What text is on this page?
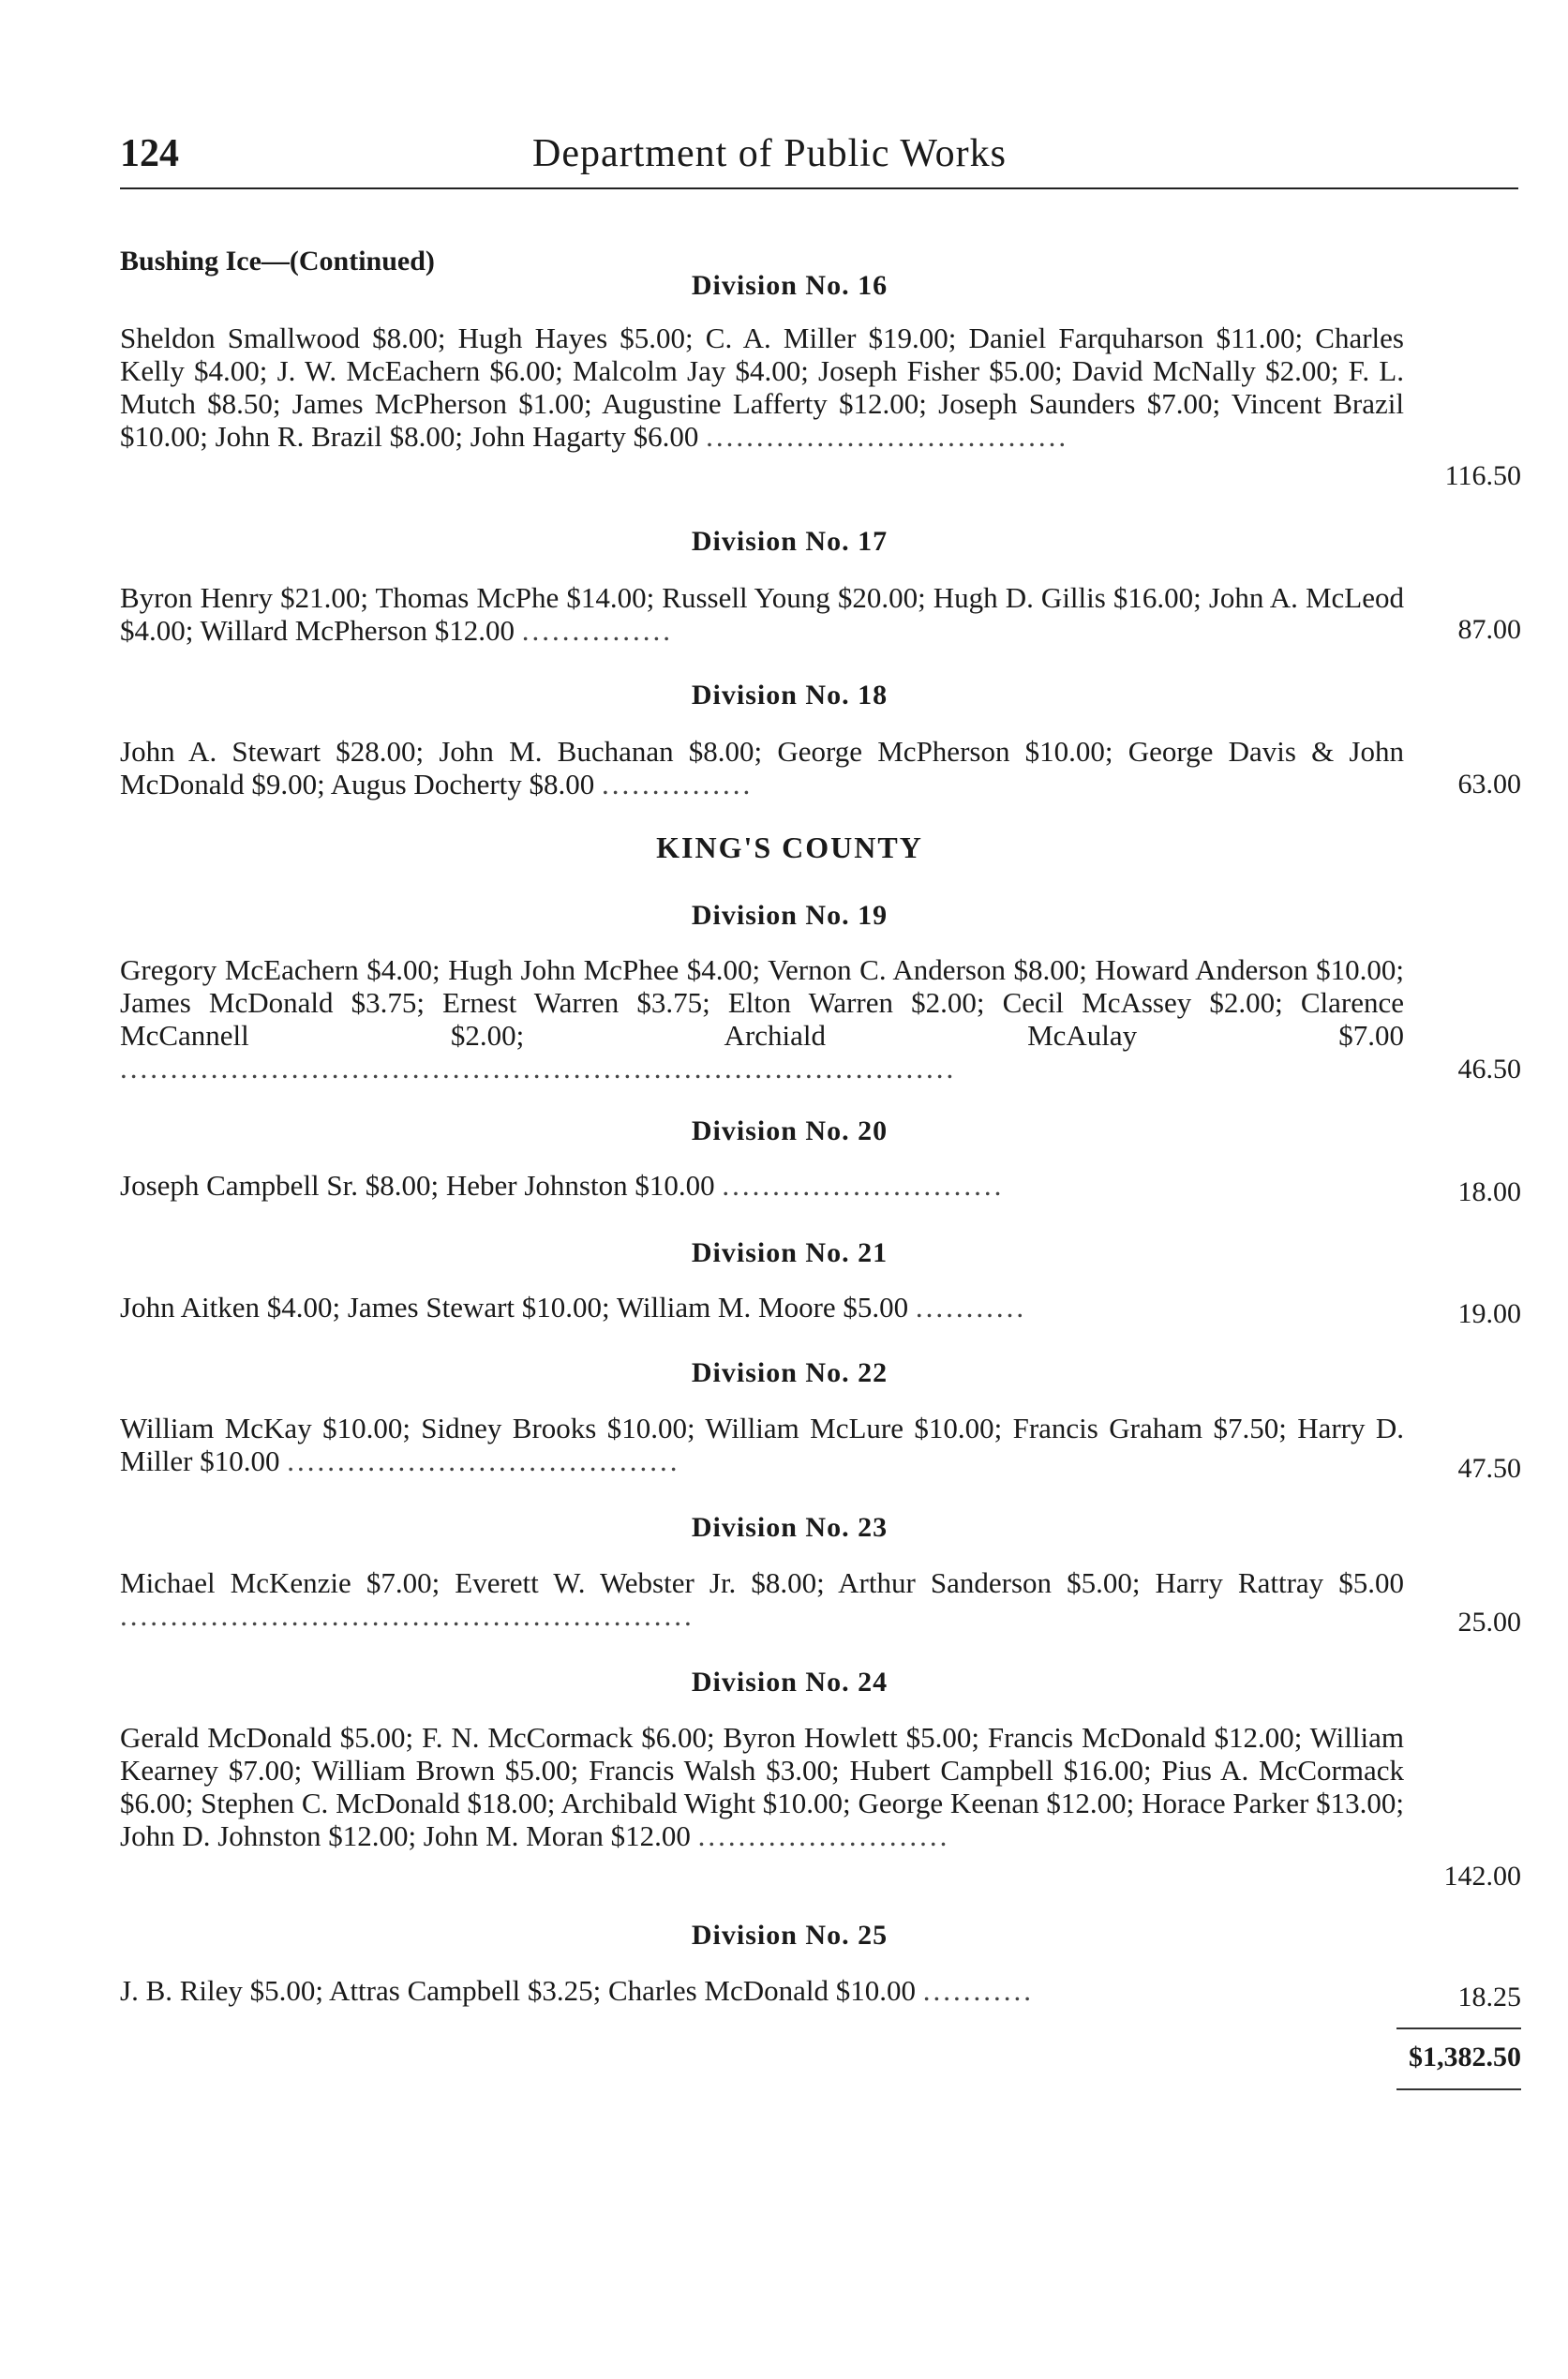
124	Department of Public Works
Bushing Ice—(Continued)
Division No. 16
Sheldon Smallwood $8.00; Hugh Hayes $5.00; C. A. Miller $19.00; Daniel Farquharson $11.00; Charles Kelly $4.00; J. W. McEachern $6.00; Malcolm Jay $4.00; Joseph Fisher $5.00; David McNally $2.00; F. L. Mutch $8.50; James McPherson $1.00; Augustine Lafferty $12.00; Joseph Saunders $7.00; Vincent Brazil $10.00; John R. Brazil $8.00; John Hagarty $6.00 ....................................
116.50
Division No. 17
Byron Henry $21.00; Thomas McPhe $14.00; Russell Young $20.00; Hugh D. Gillis $16.00; John A. McLeod $4.00; Willard McPherson $12.00 ...............	87.00
Division No. 18
John A. Stewart $28.00; John M. Buchanan $8.00; George McPherson $10.00; George Davis & John McDonald $9.00; Augus Docherty $8.00 ...............	63.00
KING'S COUNTY
Division No. 19
Gregory McEachern $4.00; Hugh John McPhee $4.00; Vernon C. Anderson $8.00; Howard Anderson $10.00; James McDonald $3.75; Ernest Warren $3.75; Elton Warren $2.00; Cecil McAssey $2.00; Clarence McCannell $2.00; Archiald McAulay $7.00 ...................................................................................	46.50
Division No. 20
Joseph Campbell Sr. $8.00; Heber Johnston $10.00 ............................	18.00
Division No. 21
John Aitken $4.00; James Stewart $10.00; William M. Moore $5.00 ...........	19.00
Division No. 22
William McKay $10.00; Sidney Brooks $10.00; William McLure $10.00; Francis Graham $7.50; Harry D. Miller $10.00 .......................................	47.50
Division No. 23
Michael McKenzie $7.00; Everett W. Webster Jr. $8.00; Arthur Sanderson $5.00; Harry Rattray $5.00 .........................................................	25.00
Division No. 24
Gerald McDonald $5.00; F. N. McCormack $6.00; Byron Howlett $5.00; Francis McDonald $12.00; William Kearney $7.00; William Brown $5.00; Francis Walsh $3.00; Hubert Campbell $16.00; Pius A. McCormack $6.00; Stephen C. McDonald $18.00; Archibald Wight $10.00; George Keenan $12.00; Horace Parker $13.00; John D. Johnston $12.00; John M. Moran $12.00 .........................
142.00
Division No. 25
J. B. Riley $5.00; Attras Campbell $3.25; Charles McDonald $10.00 ...........	18.25
$1,382.50
